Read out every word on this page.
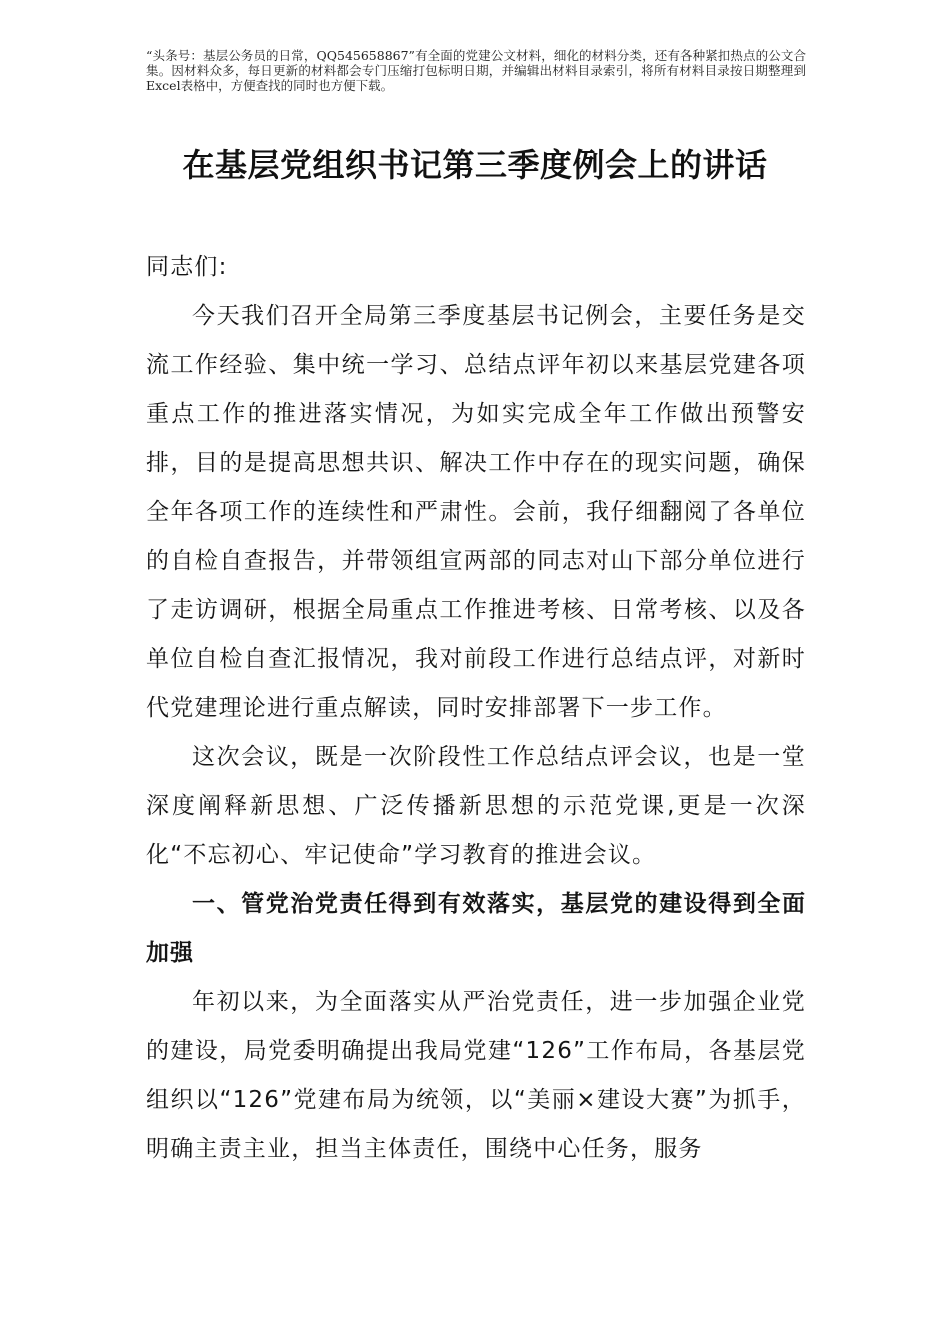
“头条号：基层公务员的日常，QQ545658867”有全面的党建公文材料，细化的材料分类，还有各种紧扣热点的公文合集。因材料众多，每日更新的材料都会专门压缩打包标明日期，并编辑出材料目录索引，将所有材料目录按日期整理到Excel表格中，方便查找的同时也方便下载。
在基层党组织书记第三季度例会上的讲话

同志们:

今天我们召开全局第三季度基层书记例会，主要任务是交流工作经验、集中统一学习、总结点评年初以来基层党建各项重点工作的推进落实情况，为如实完成全年工作做出预警安排，目的是提高思想共识、解决工作中存在的现实问题，确保全年各项工作的连续性和严肃性。会前，我仔细翻阅了各单位的自检自查报告，并带领组宣两部的同志对山下部分单位进行了走访调研，根据全局重点工作推进考核、日常考核、以及各单位自检自查汇报情况，我对前段工作进行总结点评，对新时代党建理论进行重点解读，同时安排部署下一步工作。

这次会议，既是一次阶段性工作总结点评会议，也是一堂深度阐释新思想、广泛传播新思想的示范党课,更是一次深化“不忘初心、牢记使命”学习教育的推进会议。

一、管党治党责任得到有效落实，基层党的建设得到全面加强

年初以来，为全面落实从严治党责任，进一步加强企业党的建设，局党委明确提出我局党建“126”工作布局，各基层党组织以“126”党建布局为统领，以“美丽×建设大赛”为抓手，明确主责主业，担当主体责任，围绕中心任务，服务
